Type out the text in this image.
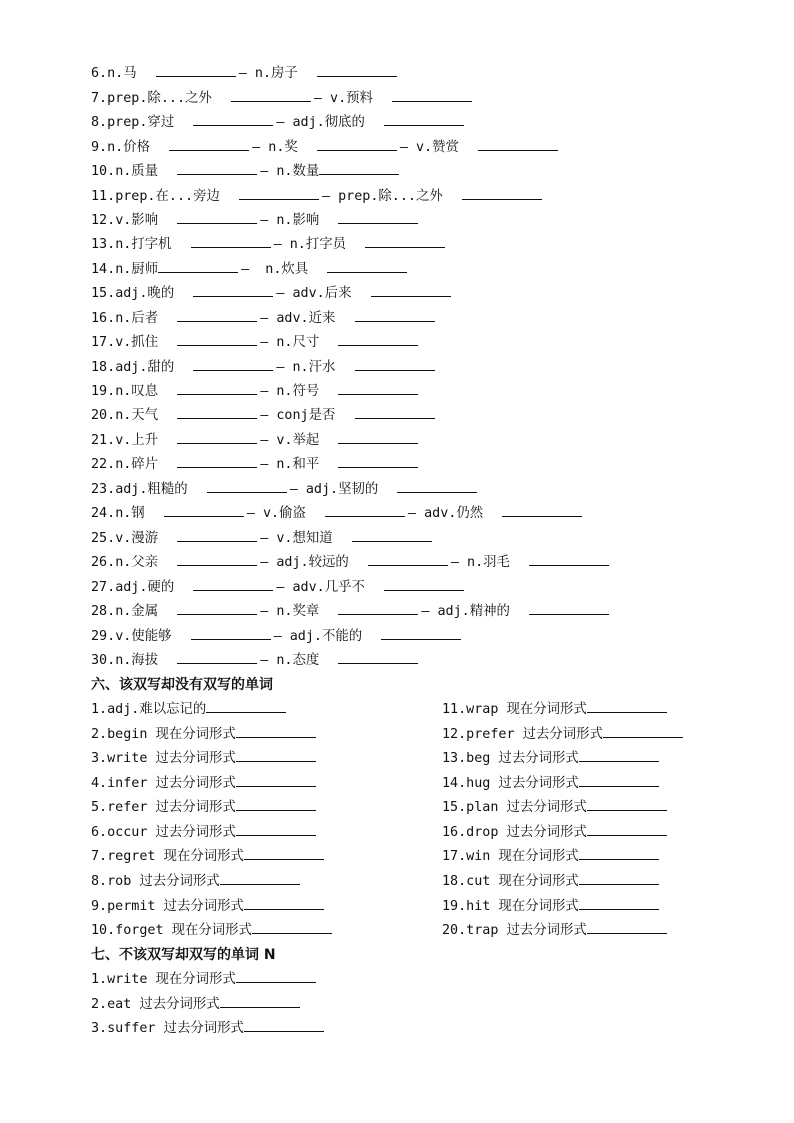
6.n.马	— n.房子
7.prep.除...之外	— v.预料
8.prep.穿过	— adj.彻底的
9.n.价格	— n.奖	— v.赞赏
10.n.质量	— n.数量
11.prep.在...旁边	— prep.除...之外
12.v.影响	— n.影响
13.n.打字机	— n.打字员
14.n.厨师	— n.炊具
15.adj.晚的	— adv.后来
16.n.后者	— adv.近来
17.v.抓住	— n.尺寸
18.adj.甜的	— n.汗水
19.n.叹息	— n.符号
20.n.天气	— conj是否
21.v.上升	— v.举起
22.n.碎片	— n.和平
23.adj.粗糙的	— adj.坚韧的
24.n.钢	— v.偷盗	— adv.仍然
25.v.漫游	— v.想知道
26.n.父亲	— adj.较远的	— n.羽毛
27.adj.硬的	— adv.几乎不
28.n.金属	— n.奖章	— adj.精神的
29.v.使能够	— adj.不能的
30.n.海拔	— n.态度
六、该双写却没有双写的单词
1.adj.难以忘记的	11.wrap 现在分词形式
2.begin 现在分词形式	12.prefer 过去分词形式
3.write 过去分词形式	13.beg 过去分词形式
4.infer 过去分词形式	14.hug 过去分词形式
5.refer 过去分词形式	15.plan 过去分词形式
6.occur 过去分词形式	16.drop 过去分词形式
7.regret 现在分词形式	17.win 现在分词形式
8.rob 过去分词形式	18.cut 现在分词形式
9.permit 过去分词形式	19.hit 现在分词形式
10.forget 现在分词形式	20.trap 过去分词形式
七、不该双写却双写的单词 N
1.write 现在分词形式
2.eat 过去分词形式
3.suffer 过去分词形式
